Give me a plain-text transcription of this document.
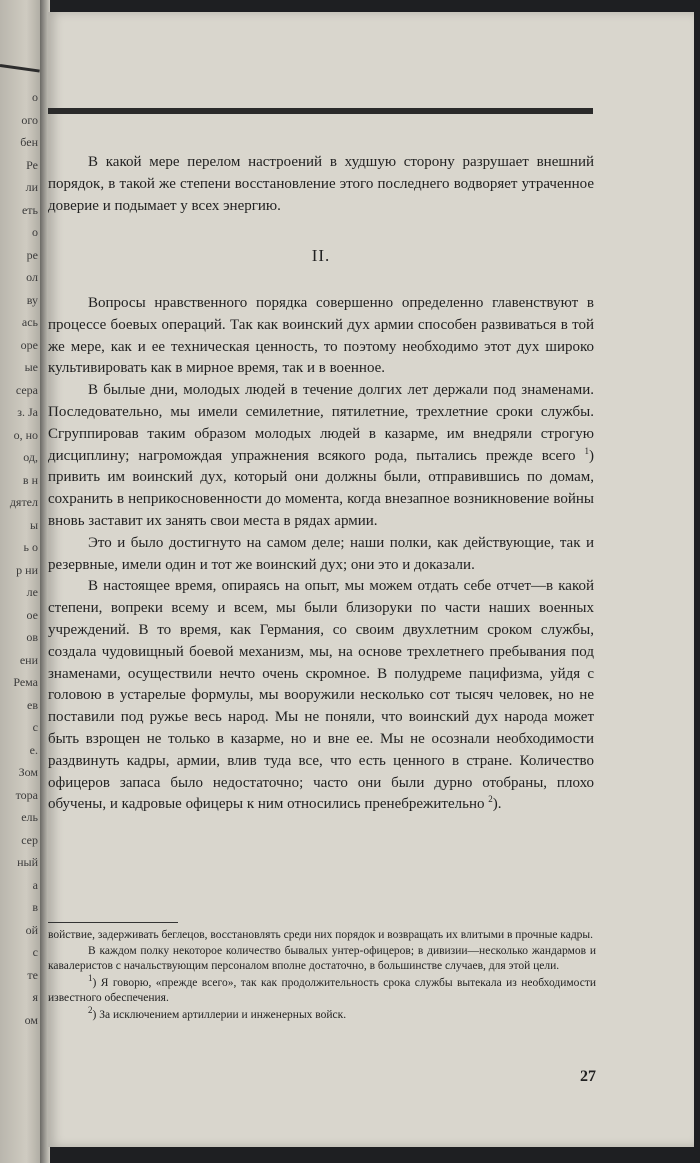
о
ого
бен
Ре
ли
еть
о
ре
ол
ву
ась
оре
ые
сера
з. Ja
о, но
од,
в н
дятел
ы
ь о
р ни
ле
ое
ов
ени
Рема
ев
с
е.
Зом
тора
ель
сер
ный
а
в
ой
с
те
я
ом

В какой мере перелом настроений в худшую сторону разрушает внешний порядок, в такой же степени восстановление этого последнего водворяет утраченное доверие и подымает у всех энергию.

II.

Вопросы нравственного порядка совершенно определенно главенствуют в процессе боевых операций. Так как воинский дух армии способен развиваться в той же мере, как и ее техническая ценность, то поэтому необходимо этот дух широко культивировать как в мирное время, так и в военное.

В былые дни, молодых людей в течение долгих лет держали под знаменами. Последовательно, мы имели семилетние, пятилетние, трехлетние сроки службы. Сгруппировав таким образом молодых людей в казарме, им внедряли строгую дисциплину; нагромождая упражнения всякого рода, пытались прежде всего $^1$) привить им воинский дух, который они должны были, отправившись по домам, сохранить в неприкосновенности до момента, когда внезапное возникновение войны вновь заставит их занять свои места в рядах армии.

Это и было достигнуто на самом деле; наши полки, как действующие, так и резервные, имели один и тот же воинский дух; они это и доказали.

В настоящее время, опираясь на опыт, мы можем отдать себе отчет—в какой степени, вопреки всему и всем, мы были близоруки по части наших военных учреждений. В то время, как Германия, со своим двухлетним сроком службы, создала чудовищный боевой механизм, мы, на основе трехлетнего пребывания под знаменами, осуществили нечто очень скромное. В полудреме пацифизма, уйдя с головою в устарелые формулы, мы вооружили несколько сот тысяч человек, но не поставили под ружье весь народ. Мы не поняли, что воинский дух народа может быть взрощен не только в казарме, но и вне ее. Мы не осознали необходимости раздвинуть кадры, армии, влив туда все, что есть ценного в стране. Количество офицеров запаса было недостаточно; часто они были дурно отобраны, плохо обучены, и кадровые офицеры к ним относились пренебрежительно $^2$).

войствие, задерживать беглецов, восстановлять среди них порядок и возвращать их влитыми в прочные кадры.

В каждом полку некоторое количество бывалых унтер-офицеров; в дивизии—несколько жандармов и кавалеристов с начальствующим персоналом вполне достаточно, в большинстве случаев, для этой цели.

$^1$) Я говорю, «прежде всего», так как продолжительность срока службы вытекала из необходимости известного обеспечения.

$^2$) За исключением артиллерии и инженерных войск.

27
